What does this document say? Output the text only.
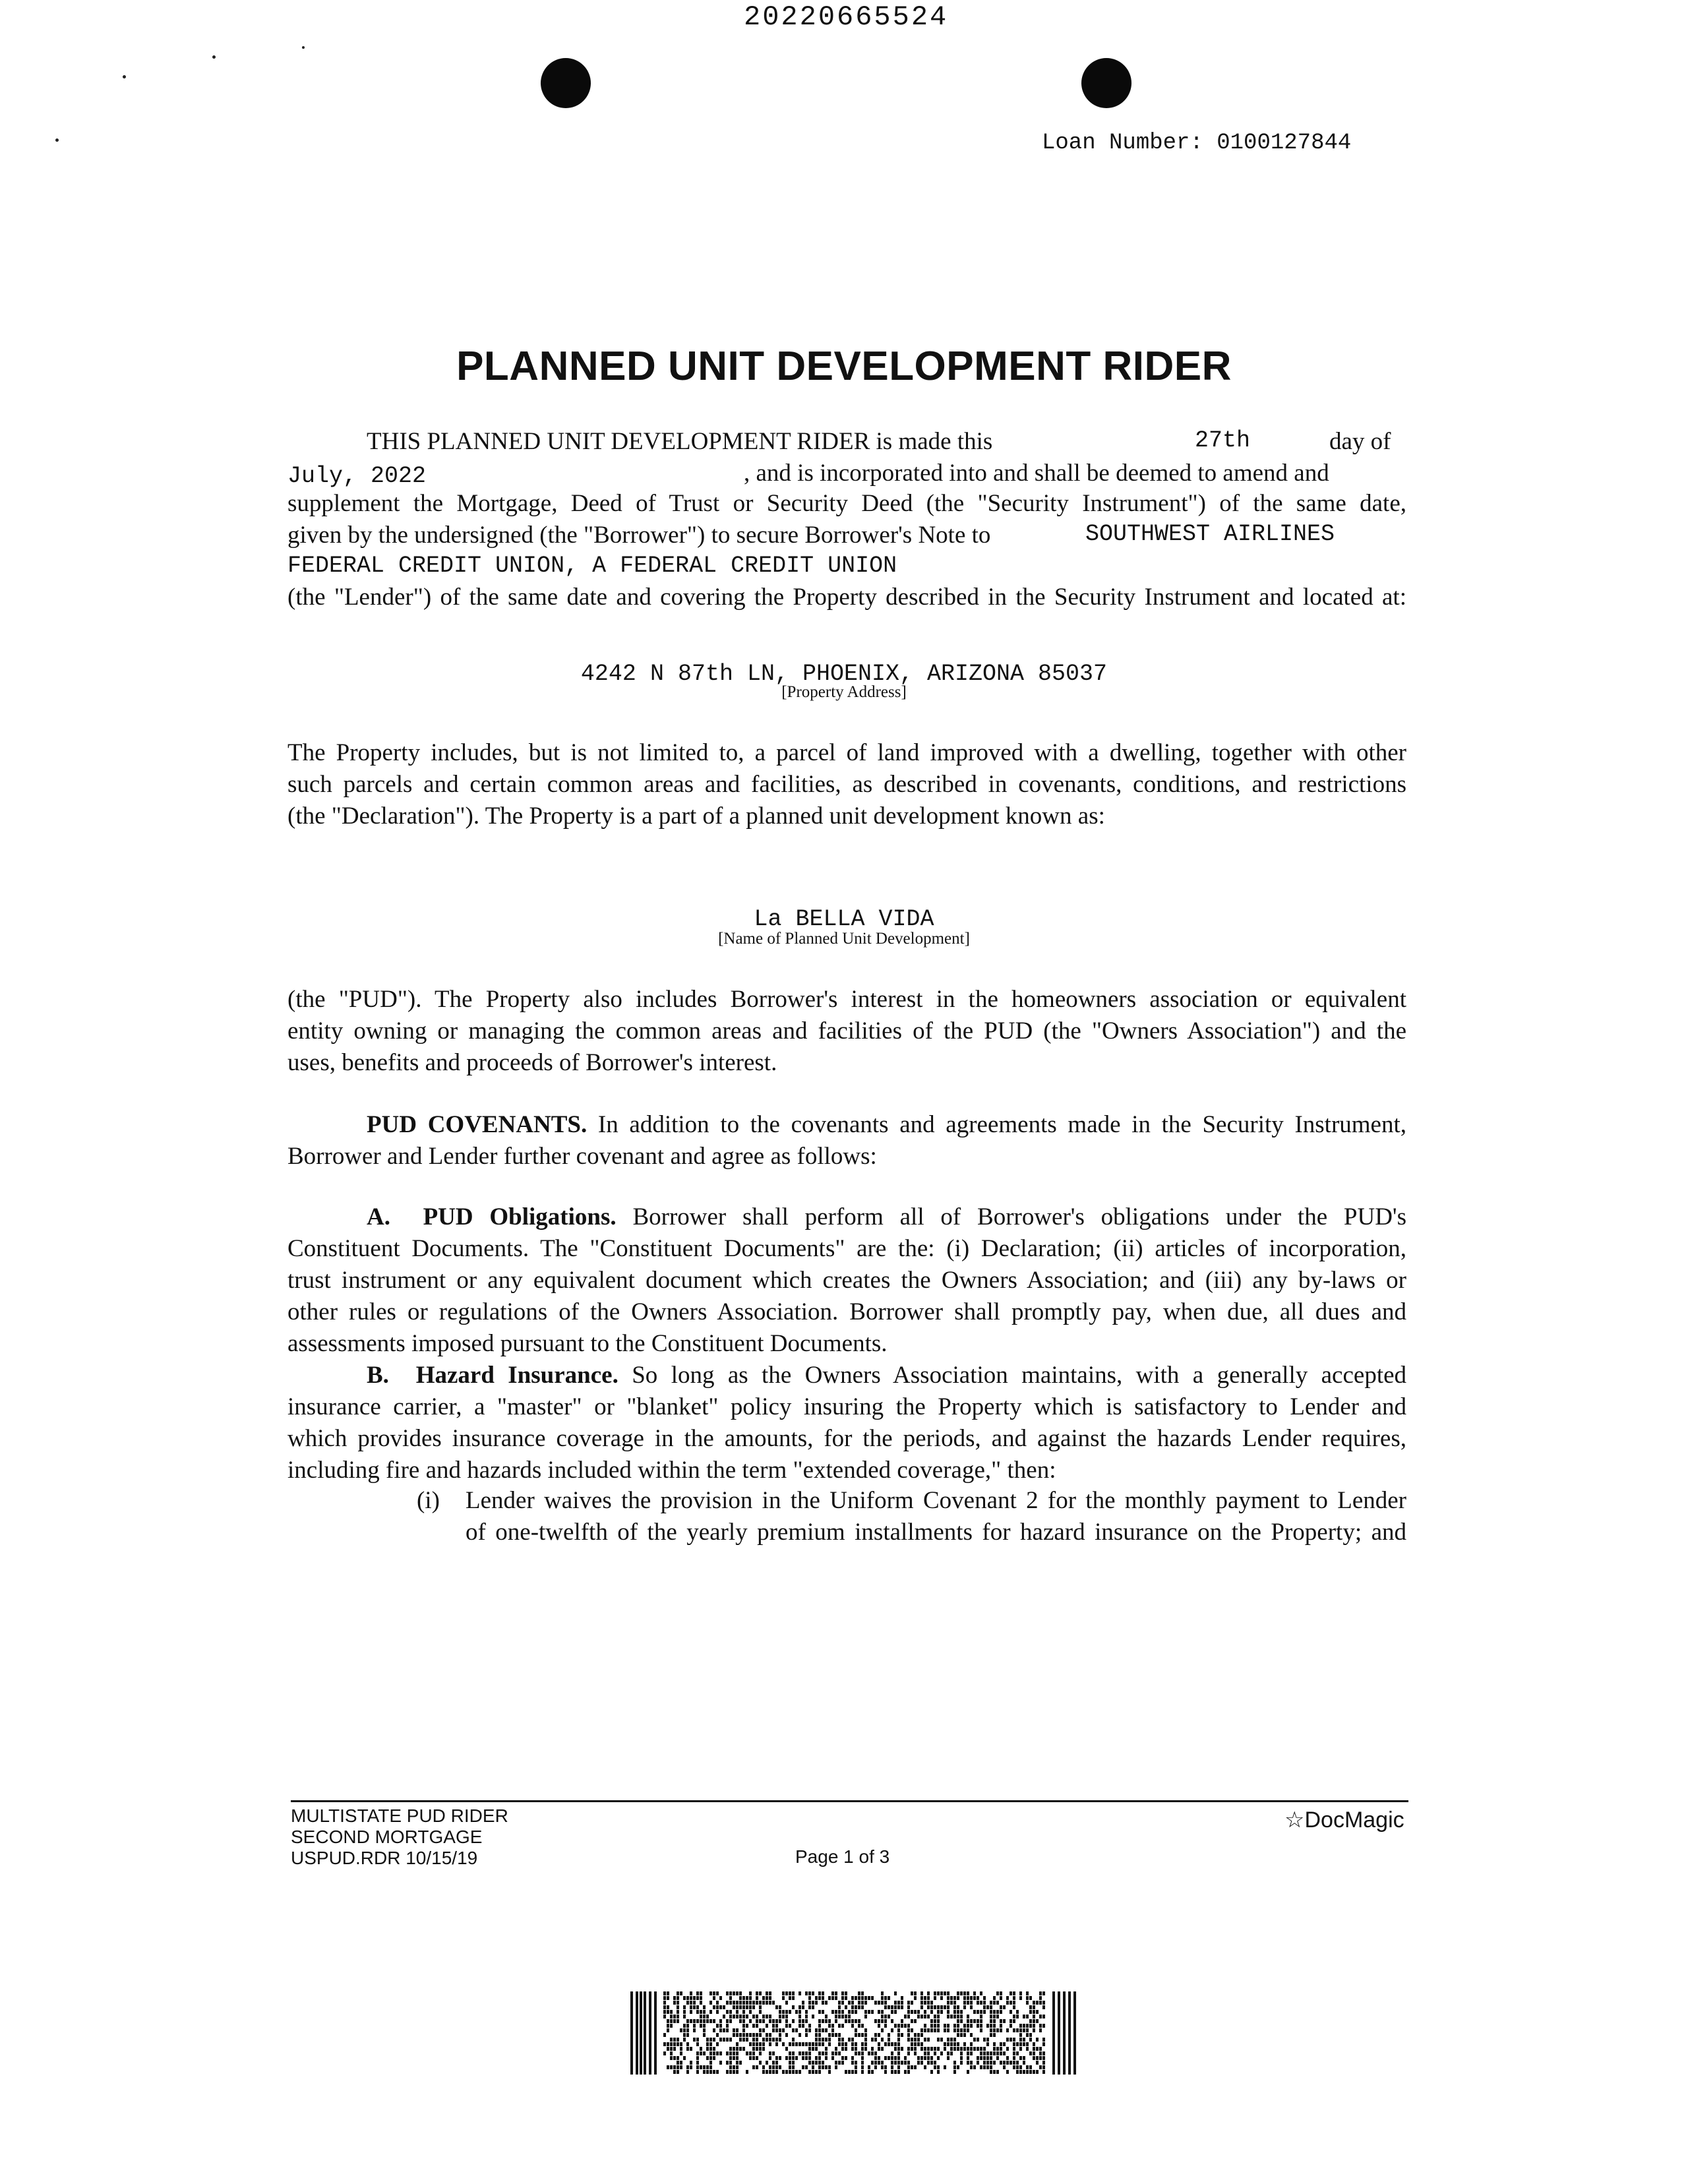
20220665524
Loan Number: 0100127844
PLANNED UNIT DEVELOPMENT RIDER
THIS PLANNED UNIT DEVELOPMENT RIDER is made this	27th	day of
July, 2022	, and is incorporated into and shall be deemed to amend and
supplement the Mortgage, Deed of Trust or Security Deed (the "Security Instrument") of the same date,
given by the undersigned (the "Borrower") to secure Borrower's Note to	SOUTHWEST AIRLINES
FEDERAL CREDIT UNION, A FEDERAL CREDIT UNION
(the "Lender") of the same date and covering the Property described in the Security Instrument and located at:
4242 N 87th LN, PHOENIX, ARIZONA 85037
[Property Address]
The Property includes, but is not limited to, a parcel of land improved with a dwelling, together with other
such parcels and certain common areas and facilities, as described in covenants, conditions, and restrictions
(the "Declaration"). The Property is a part of a planned unit development known as:
La BELLA VIDA
[Name of Planned Unit Development]
(the "PUD"). The Property also includes Borrower's interest in the homeowners association or equivalent
entity owning or managing the common areas and facilities of the PUD (the "Owners Association") and the
uses, benefits and proceeds of Borrower's interest.
PUD COVENANTS. In addition to the covenants and agreements made in the Security Instrument,
Borrower and Lender further covenant and agree as follows:
A. PUD Obligations. Borrower shall perform all of Borrower's obligations under the PUD's
Constituent Documents. The "Constituent Documents" are the: (i) Declaration; (ii) articles of incorporation,
trust instrument or any equivalent document which creates the Owners Association; and (iii) any by-laws or
other rules or regulations of the Owners Association. Borrower shall promptly pay, when due, all dues and
assessments imposed pursuant to the Constituent Documents.
B. Hazard Insurance. So long as the Owners Association maintains, with a generally accepted
insurance carrier, a "master" or "blanket" policy insuring the Property which is satisfactory to Lender and
which provides insurance coverage in the amounts, for the periods, and against the hazards Lender requires,
including fire and hazards included within the term "extended coverage," then:
(i) Lender waives the provision in the Uniform Covenant 2 for the monthly payment to Lender
of one-twelfth of the yearly premium installments for hazard insurance on the Property; and
MULTISTATE PUD RIDER
SECOND MORTGAGE
USPUD.RDR 10/15/19	Page 1 of 3
☆DocMagic
